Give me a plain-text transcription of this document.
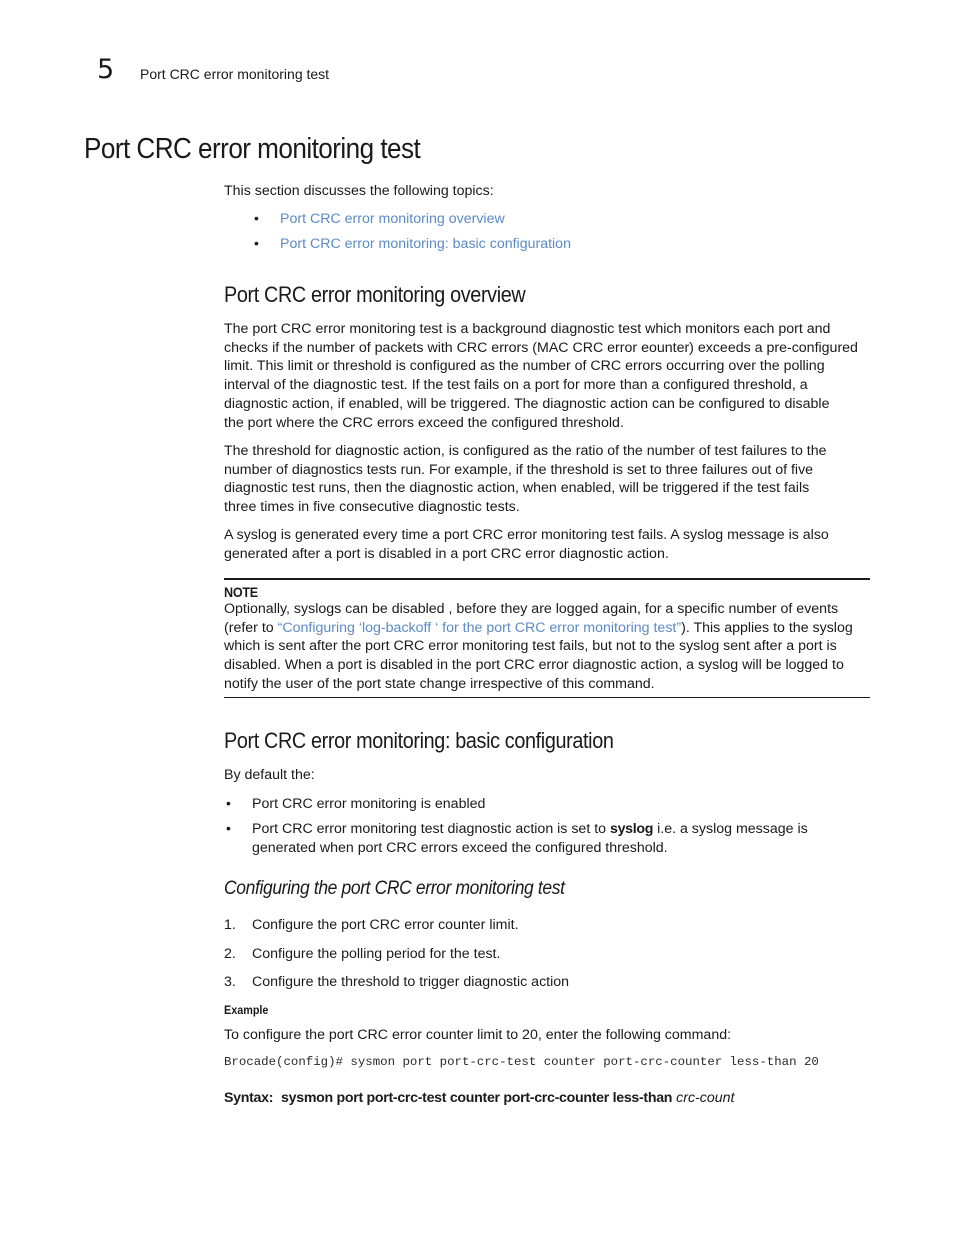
5 Port CRC error monitoring test
Port CRC error monitoring test
This section discusses the following topics:
• Port CRC error monitoring overview
• Port CRC error monitoring: basic configuration
Port CRC error monitoring overview
The port CRC error monitoring test is a background diagnostic test which monitors each port and
checks if the number of packets with CRC errors (MAC CRC error eounter) exceeds a pre-configured
limit. This limit or threshold is configured as the number of CRC errors occurring over the polling
interval of the diagnostic test. If the test fails on a port for more than a configured threshold, a
diagnostic action, if enabled, will be triggered. The diagnostic action can be configured to disable
the port where the CRC errors exceed the configured threshold.
The threshold for diagnostic action, is configured as the ratio of the number of test failures to the
number of diagnostics tests run. For example, if the threshold is set to three failures out of five
diagnostic test runs, then the diagnostic action, when enabled, will be triggered if the test fails
three times in five consecutive diagnostic tests.
A syslog is generated every time a port CRC error monitoring test fails. A syslog message is also
generated after a port is disabled in a port CRC error diagnostic action.
NOTE
Optionally, syslogs can be disabled , before they are logged again, for a specific number of events
(refer to “Configuring ‘log-backoff ‘ for the port CRC error monitoring test”). This applies to the syslog
which is sent after the port CRC error monitoring test fails, but not to the syslog sent after a port is
disabled. When a port is disabled in the port CRC error diagnostic action, a syslog will be logged to
notify the user of the port state change irrespective of this command.
Port CRC error monitoring: basic configuration
By default the:
• Port CRC error monitoring is enabled
• Port CRC error monitoring test diagnostic action is set to syslog i.e. a syslog message is
generated when port CRC errors exceed the configured threshold.
Configuring the port CRC error monitoring test
1. Configure the port CRC error counter limit.
2. Configure the polling period for the test.
3. Configure the threshold to trigger diagnostic action
Example
To configure the port CRC error counter limit to 20, enter the following command:
Brocade(config)# sysmon port port-crc-test counter port-crc-counter less-than 20
Syntax: sysmon port port-crc-test counter port-crc-counter less-than crc-count
